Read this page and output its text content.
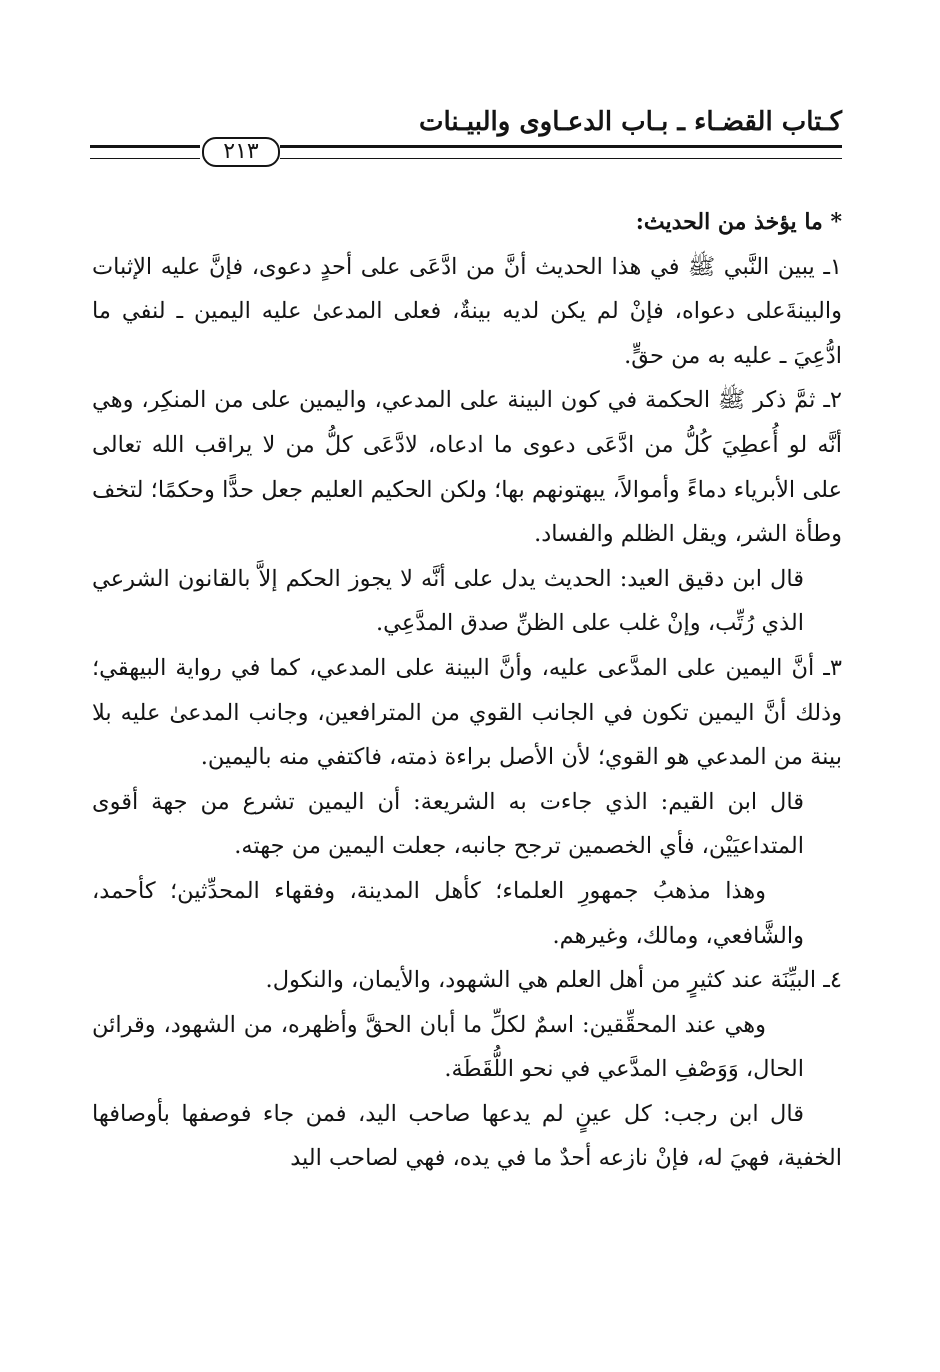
كـتاب القضـاء ـ بـاب الدعـاوى والبيـنات
٢١٣

* ما يؤخذ من الحديث:

١ـ يبين النَّبي ﷺ في هذا الحديث أنَّ من ادَّعَى على أحدٍ دعوى، فإنَّ عليه الإثبات والبينةَعلى دعواه، فإنْ لم يكن لديه بينةٌ، فعلى المدعىٰ عليه اليمين ـ لنفي ما ادُّعِيَ ـ عليه به من حقٍّ.

٢ـ ثمَّ ذكر ﷺ الحكمة في كون البينة على المدعي، واليمين على من المنكِر، وهي أنَّه لو أُعطِيَ كُلُّ من ادَّعَى دعوى ما ادعاه، لادَّعَى كلُّ من لا يراقب الله تعالى على الأبرياء دماءً وأموالاً، يبهتونهم بها؛ ولكن الحكيم العليم جعل حدًّا وحكمًا؛ لتخف وطأة الشر، ويقل الظلم والفساد.

قال ابن دقيق العيد: الحديث يدل على أنَّه لا يجوز الحكم إلاَّ بالقانون الشرعي الذي رُتِّب، وإنْ غلب على الظنِّ صدق المدَّعِي.

٣ـ أنَّ اليمين على المدَّعى عليه، وأنَّ البينة على المدعي، كما في رواية البيهقي؛ وذلك أنَّ اليمين تكون في الجانب القوي من المترافعين، وجانب المدعىٰ عليه بلا بينة من المدعي هو القوي؛ لأن الأصل براءة ذمته، فاكتفي منه باليمين.

قال ابن القيم: الذي جاءت به الشريعة: أن اليمين تشرع من جهة أقوى المتداعيَيْن، فأي الخصمين ترجح جانبه، جعلت اليمين من جهته.

وهذا مذهبُ جمهورِ العلماء؛ كأهل المدينة، وفقهاء المحدِّثين؛ كأحمد، والشَّافعي، ومالك، وغيرهم.

٤ـ البيِّنَة عند كثيرٍ من أهل العلم هي الشهود، والأيمان، والنكول.

وهي عند المحقِّقين: اسمٌ لكلِّ ما أبان الحقَّ وأظهره، من الشهود، وقرائن الحال، وَوَصْفِ المدَّعي في نحو اللُّقَطَة.

قال ابن رجب: كل عينٍ لم يدعها صاحب اليد، فمن جاء فوصفها بأوصافها الخفية، فهيَ له، فإنْ نازعه أحدٌ ما في يده، فهي لصاحب اليد
